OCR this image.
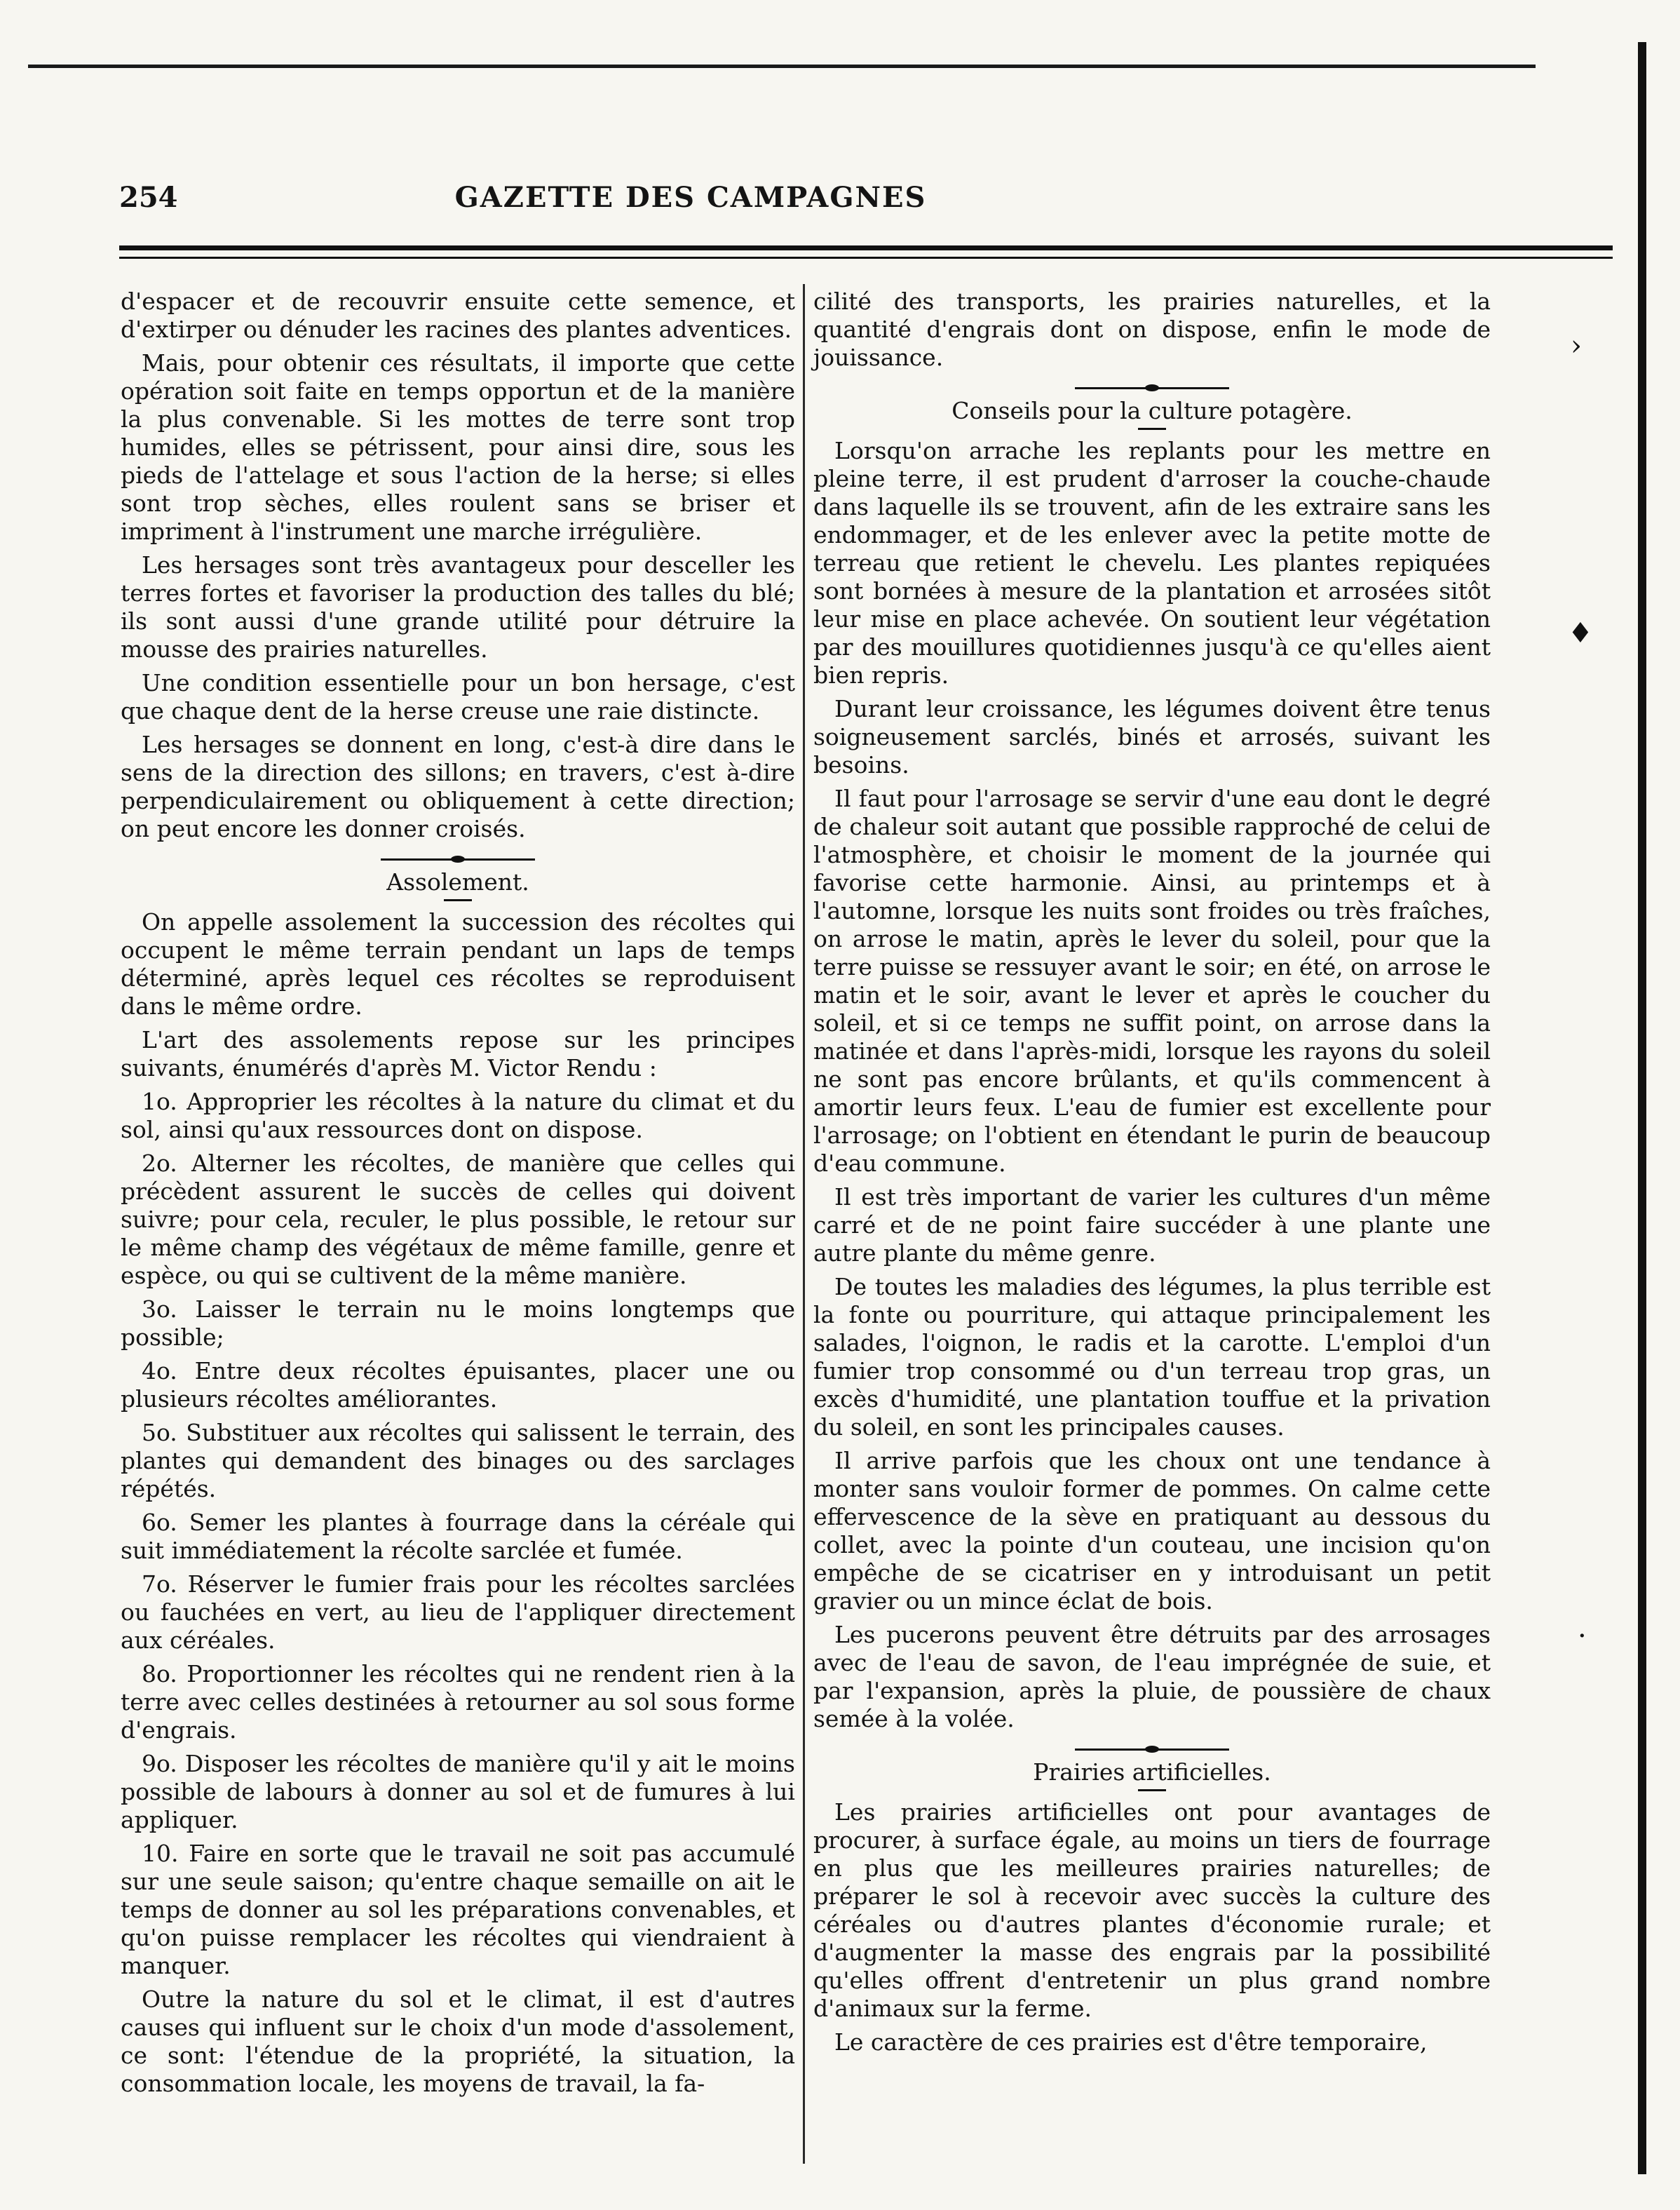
254	GAZETTE DES CAMPAGNES

d'espacer et de recouvrir ensuite cette semence, et d'extirper ou dénuder les racines des plantes adventices.

Mais, pour obtenir ces résultats, il importe que cette opération soit faite en temps opportun et de la manière la plus convenable. Si les mottes de terre sont trop humides, elles se pétrissent, pour ainsi dire, sous les pieds de l'attelage et sous l'action de la herse; si elles sont trop sèches, elles roulent sans se briser et impriment à l'instrument une marche irrégulière.

Les hersages sont très avantageux pour desceller les terres fortes et favoriser la production des talles du blé; ils sont aussi d'une grande utilité pour détruire la mousse des prairies naturelles.

Une condition essentielle pour un bon hersage, c'est que chaque dent de la herse creuse une raie distincte.

Les hersages se donnent en long, c'est-à dire dans le sens de la direction des sillons; en travers, c'est à-dire perpendiculairement ou obliquement à cette direction; on peut encore les donner croisés.

Assolement.

On appelle assolement la succession des récoltes qui occupent le même terrain pendant un laps de temps déterminé, après lequel ces récoltes se reproduisent dans le même ordre.

L'art des assolements repose sur les principes suivants, énumérés d'après M. Victor Rendu :

1o. Approprier les récoltes à la nature du climat et du sol, ainsi qu'aux ressources dont on dispose.

2o. Alterner les récoltes, de manière que celles qui précèdent assurent le succès de celles qui doivent suivre; pour cela, reculer, le plus possible, le retour sur le même champ des végétaux de même famille, genre et espèce, ou qui se cultivent de la même manière.

3o. Laisser le terrain nu le moins longtemps que possible;

4o. Entre deux récoltes épuisantes, placer une ou plusieurs récoltes améliorantes.

5o. Substituer aux récoltes qui salissent le terrain, des plantes qui demandent des binages ou des sarclages répétés.

6o. Semer les plantes à fourrage dans la céréale qui suit immédiatement la récolte sarclée et fumée.

7o. Réserver le fumier frais pour les récoltes sarclées ou fauchées en vert, au lieu de l'appliquer directement aux céréales.

8o. Proportionner les récoltes qui ne rendent rien à la terre avec celles destinées à retourner au sol sous forme d'engrais.

9o. Disposer les récoltes de manière qu'il y ait le moins possible de labours à donner au sol et de fumures à lui appliquer.

10. Faire en sorte que le travail ne soit pas accumulé sur une seule saison; qu'entre chaque semaille on ait le temps de donner au sol les préparations convenables, et qu'on puisse remplacer les récoltes qui viendraient à manquer.

Outre la nature du sol et le climat, il est d'autres causes qui influent sur le choix d'un mode d'assolement, ce sont: l'étendue de la propriété, la situation, la consommation locale, les moyens de travail, la fa-

cilité des transports, les prairies naturelles, et la quantité d'engrais dont on dispose, enfin le mode de jouissance.

Conseils pour la culture potagère.

Lorsqu'on arrache les replants pour les mettre en pleine terre, il est prudent d'arroser la couche-chaude dans laquelle ils se trouvent, afin de les extraire sans les endommager, et de les enlever avec la petite motte de terreau que retient le chevelu. Les plantes repiquées sont bornées à mesure de la plantation et arrosées sitôt leur mise en place achevée. On soutient leur végétation par des mouillures quotidiennes jusqu'à ce qu'elles aient bien repris.

Durant leur croissance, les légumes doivent être tenus soigneusement sarclés, binés et arrosés, suivant les besoins.

Il faut pour l'arrosage se servir d'une eau dont le degré de chaleur soit autant que possible rapproché de celui de l'atmosphère, et choisir le moment de la journée qui favorise cette harmonie. Ainsi, au printemps et à l'automne, lorsque les nuits sont froides ou très fraîches, on arrose le matin, après le lever du soleil, pour que la terre puisse se ressuyer avant le soir; en été, on arrose le matin et le soir, avant le lever et après le coucher du soleil, et si ce temps ne suffit point, on arrose dans la matinée et dans l'après-midi, lorsque les rayons du soleil ne sont pas encore brûlants, et qu'ils commencent à amortir leurs feux. L'eau de fumier est excellente pour l'arrosage; on l'obtient en étendant le purin de beaucoup d'eau commune.

Il est très important de varier les cultures d'un même carré et de ne point faire succéder à une plante une autre plante du même genre.

De toutes les maladies des légumes, la plus terrible est la fonte ou pourriture, qui attaque principalement les salades, l'oignon, le radis et la carotte. L'emploi d'un fumier trop consommé ou d'un terreau trop gras, un excès d'humidité, une plantation touffue et la privation du soleil, en sont les principales causes.

Il arrive parfois que les choux ont une tendance à monter sans vouloir former de pommes. On calme cette effervescence de la sève en pratiquant au dessous du collet, avec la pointe d'un couteau, une incision qu'on empêche de se cicatriser en y introduisant un petit gravier ou un mince éclat de bois.

Les pucerons peuvent être détruits par des arrosages avec de l'eau de savon, de l'eau imprégnée de suie, et par l'expansion, après la pluie, de poussière de chaux semée à la volée.

Prairies artificielles.

Les prairies artificielles ont pour avantages de procurer, à surface égale, au moins un tiers de fourrage en plus que les meilleures prairies naturelles; de préparer le sol à recevoir avec succès la culture des céréales ou d'autres plantes d'économie rurale; et d'augmenter la masse des engrais par la possibilité qu'elles offrent d'entretenir un plus grand nombre d'animaux sur la ferme.

Le caractère de ces prairies est d'être temporaire,

›
♦
·
